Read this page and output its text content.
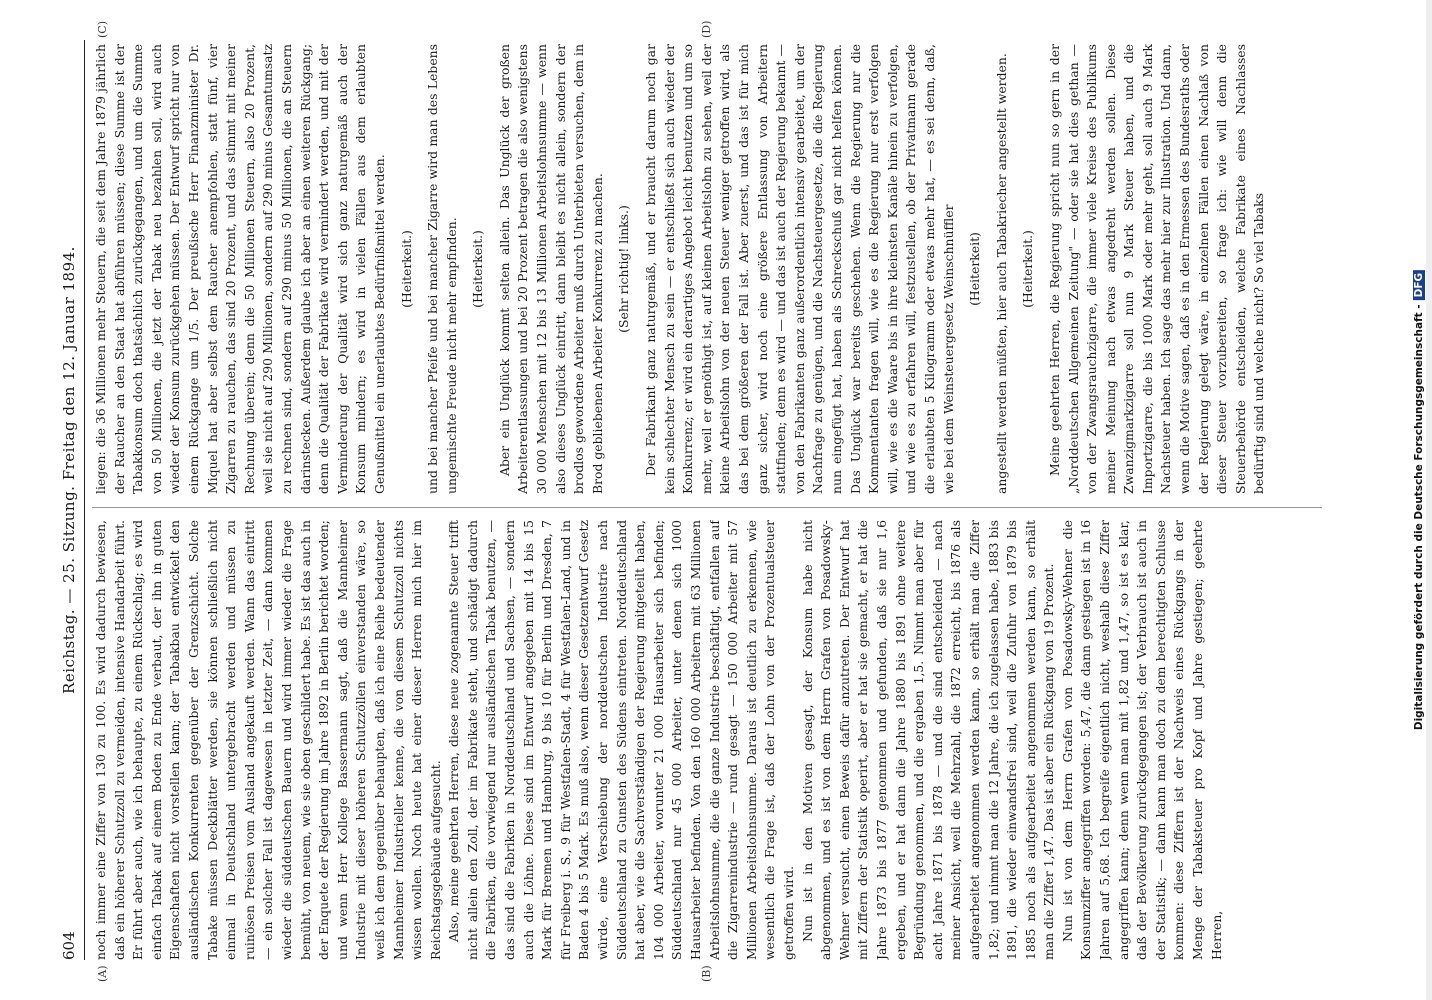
604
Reichstag. — 25. Sitzung. Freitag den 12. Januar 1894.
(A)	(B)
(C)	(D)

noch immer eine Ziffer von 130 zu 100. Es wird dadurch bewiesen, daß ein höherer Schutzzoll zu vermeiden, intensive Handarbeit führt. Er führt aber auch, wie ich behaupte, zu einem Rückschlag; es wird einfach Tabak auf einem Boden zu Ende verbaut, der ihn in guten Eigenschaften nicht vorstellen kann; der Tabakbau entwickelt den ausländischen Konkurrenten gegenüber der Grenzschicht. Solche Tabake müssen Deckblätter werden, sie können schließlich nicht einmal in Deutschland untergebracht werden und müssen zu ruinösen Preisen vom Ausland angekauft werden. Wann das eintritt — ein solcher Fall ist dagewesen in letzter Zeit, — dann kommen wieder die süddeutschen Bauern und wird immer wieder die Frage bemüht, von neuem, wie sie oben geschildert habe. Es ist das auch in der Enquete der Regierung im Jahre 1892 in Berlin berichtet worden; und wenn Herr Kollege Bassermann sagt, daß die Mannheimer Industrie mit dieser höheren Schutzzöllen einverstanden wäre, so weiß ich dem gegenüber behaupten, daß ich eine Reihe bedeutender Mannheimer Industrieller kenne, die von diesem Schutzzoll nichts wissen wollen. Noch heute hat einer dieser Herren mich hier im Reichstagsgebäude aufgesucht. Also, meine geehrten Herren, diese neue zogenannte Steuer trifft nicht allein den Zoll, der im Fabrikate steht, und schädigt dadurch die Fabriken, die vorwiegend nur ausländischen Tabak benutzen, — das sind die Fabriken in Norddeutschland und Sachsen, — sondern auch die Löhne. Diese sind im Entwurf angegeben mit 14 bis 15 Mark für Bremen und Hamburg, 9 bis 10 für Berlin und Dresden, 7 für Freiberg i. S., 9 für Westfalen-Stadt, 4 für Westfalen-Land, und in Baden 4 bis 5 Mark. Es muß also, wenn dieser Gesetzentwurf Gesetz würde, eine Verschiebung der norddeutschen Industrie nach Süddeutschland zu Gunsten des Südens eintreten. Norddeutschland hat aber, wie die Sachverständigen der Regierung mitgeteilt haben, 104 000 Arbeiter, worunter 21 000 Hausarbeiter sich befinden; Süddeutschland nur 45 000 Arbeiter, unter denen sich 1000 Hausarbeiter befinden. Von den 160 000 Arbeitern mit 63 Millionen Arbeitslohnsumme, die die ganze Industrie beschäftigt, entfallen auf die Zigarrenindustrie — rund gesagt — 150 000 Arbeiter mit 57 Millionen Arbeitslohnsumme. Daraus ist deutlich zu erkennen, wie wesentlich die Frage ist, daß der Lohn von der Prozentualsteuer getroffen wird. Nun ist in den Motiven gesagt, der Konsum habe nicht abgenommen, und es ist von dem Herrn Grafen von Posadowsky-Wehner versucht, einen Beweis dafür anzutreten. Der Entwurf hat mit Ziffern der Statistik operirt, aber er hat sie gemacht, er hat die Jahre 1873 bis 1877 genommen und gefunden, daß sie nur 1,6 ergeben, und er hat dann die Jahre 1880 bis 1891 ohne weitere Begründung genommen, und die ergaben 1,5. Nimmt man aber für acht Jahre 1871 bis 1878 — und die sind entscheidend — nach meiner Ansicht, weil die Mehrzahl, die 1872 erreicht, bis 1876 als aufgearbeitet angenommen werden kann, so erhält man die Ziffer 1,82; und nimmt man die 12 Jahre, die ich zugelassen habe, 1883 bis 1891, die wieder einwandsfrei sind, weil die Zufuhr von 1879 bis 1885 noch als aufgearbeitet angenommen werden kann, so erhält man die Ziffer 1,47. Das ist aber ein Rückgang von 19 Prozent. Nun ist von dem Herrn Grafen von Posadowsky-Wehner die Konsumziffer angegriffen worden: 5,47, die dann gestiegen ist in 16 Jahren auf 5,68. Ich begreife eigentlich nicht, weshalb diese Ziffer angegriffen kann; denn wenn man mit 1,82 und 1,47, so ist es klar, daß der Bevölkerung zurückgegangen ist; der Verbrauch ist auch in der Statistik; — dann kann man doch zu dem berechtigten Schlusse kommen: diese Ziffern ist der Nachweis eines Rückgangs in der Menge der Tabaksteuer pro Kopf und Jahre gestiegen; geehrte Herren,

liegen: die 36 Millionen mehr Steuern, die seit dem Jahre 1879 jährlich der Raucher an den Staat hat abführen müssen; diese Summe ist der Tabakkonsum doch thatsächlich zurückgegangen, und um die Summe von 50 Millionen, die jetzt der Tabak neu bezahlen soll, wird auch wieder der Konsum zurückgehen müssen. Der Entwurf spricht nur von einem Rückgange um 1/5. Der preußische Herr Finanzminister Dr. Miquel hat aber selbst dem Raucher anempfohlen, statt fünf, vier Zigarren zu rauchen, das sind 20 Prozent, und das stimmt mit meiner Rechnung überein; denn die 50 Millionen Steuern, also 20 Prozent, weil sie nicht auf 290 Millionen, sondern auf 290 minus Gesamtumsatz zu rechnen sind, sondern auf 290 minus 50 Millionen, die an Steuern darinstecken. Außerdem glaube ich aber an einen weiteren Rückgang; denn die Qualität der Fabrikate wird vermindert werden, und mit der Verminderung der Qualität wird sich ganz naturgemäß auch der Konsum mindern; es wird in vielen Fällen aus dem erlaubten Genußmittel ein unerlaubtes Bedürfnißmittel werden. (Heiterkeit.) und bei mancher Pfeife und bei mancher Zigarre wird man des Lebens ungemischte Freude nicht mehr empfinden. (Heiterkeit.) Aber ein Unglück kommt selten allein. Das Unglück der großen Arbeiterentlassungen und bei 20 Prozent betragen die also wenigstens 30 000 Menschen mit 12 bis 13 Millionen Arbeitslohnsumme — wenn also dieses Unglück eintritt, dann bleibt es nicht allein, sondern der brodlos gewordene Arbeiter muß durch Unterbieten versuchen, dem in Brod gebliebenen Arbeiter Konkurrenz zu machen. (Sehr richtig! links.) Der Fabrikant ganz naturgemäß, und er braucht darum noch gar kein schlechter Mensch zu sein — er entschließt sich auch wieder der Konkurrenz; er wird ein derartiges Angebot leicht benutzen und um so mehr, weil er genöthigt ist, auf kleinen Arbeitslohn zu sehen, weil der kleine Arbeitslohn von der neuen Steuer weniger getroffen wird, als das bei dem größeren der Fall ist. Aber zuerst, und das ist für mich ganz sicher, wird noch eine größere Entlassung von Arbeitern stattfinden; denn es wird — und das ist auch der Regierung bekannt — von den Fabrikanten ganz außerordentlich intensiv gearbeitet, um der Nachfrage zu genügen, und die Nachsteuergesetze, die die Regierung nun eingefügt hat, haben als Schreckschuß gar nicht helfen können. Das Unglück war bereits geschehen. Wenn die Regierung nur die Kommentanten fragen will, wie es die Regierung nur erst verfolgen will, wie es die Waare bis in ihre kleinsten Kanäle hinein zu verfolgen, und wie es zu erfahren will, festzustellen, ob der Privatmann gerade die erlaubten 5 Kilogramm oder etwas mehr hat, — es sei denn, daß, wie bei dem Weinsteuergesetz Weinschnüffler (Heiterkeit) angestellt werden müßten, hier auch Tabakriecher angestellt werden. (Heiterkeit.) Meine geehrten Herren, die Regierung spricht nun so gern in der „Norddeutschen Allgemeinen Zeitung" — oder sie hat dies gethan — von der Zwangsrauchzigarre, die immer viele Kreise des Publikums meiner Meinung nach etwas angedreht werden sollen. Diese Zwanzigmarkzigarre soll nun 9 Mark Steuer haben, und die Importzigarre, die bis 1000 Mark oder mehr geht, soll auch 9 Mark Nachsteuer haben. Ich sage das mehr hier zur Illustration. Und dann, wenn die Motive sagen, daß es in den Ermessen des Bundesraths oder der Regierung gelegt wäre, in einzelnen Fällen einen Nachlaß von dieser Steuer vorzubereiten, so frage ich: wie will denn die Steuerbehörde entscheiden, welche Fabrikate eines Nachlasses bedürftig sind und welche nicht? So viel Tabaks	Digitalisierung gefördert durch die Deutsche Forschungsgemeinschaft -DFG
